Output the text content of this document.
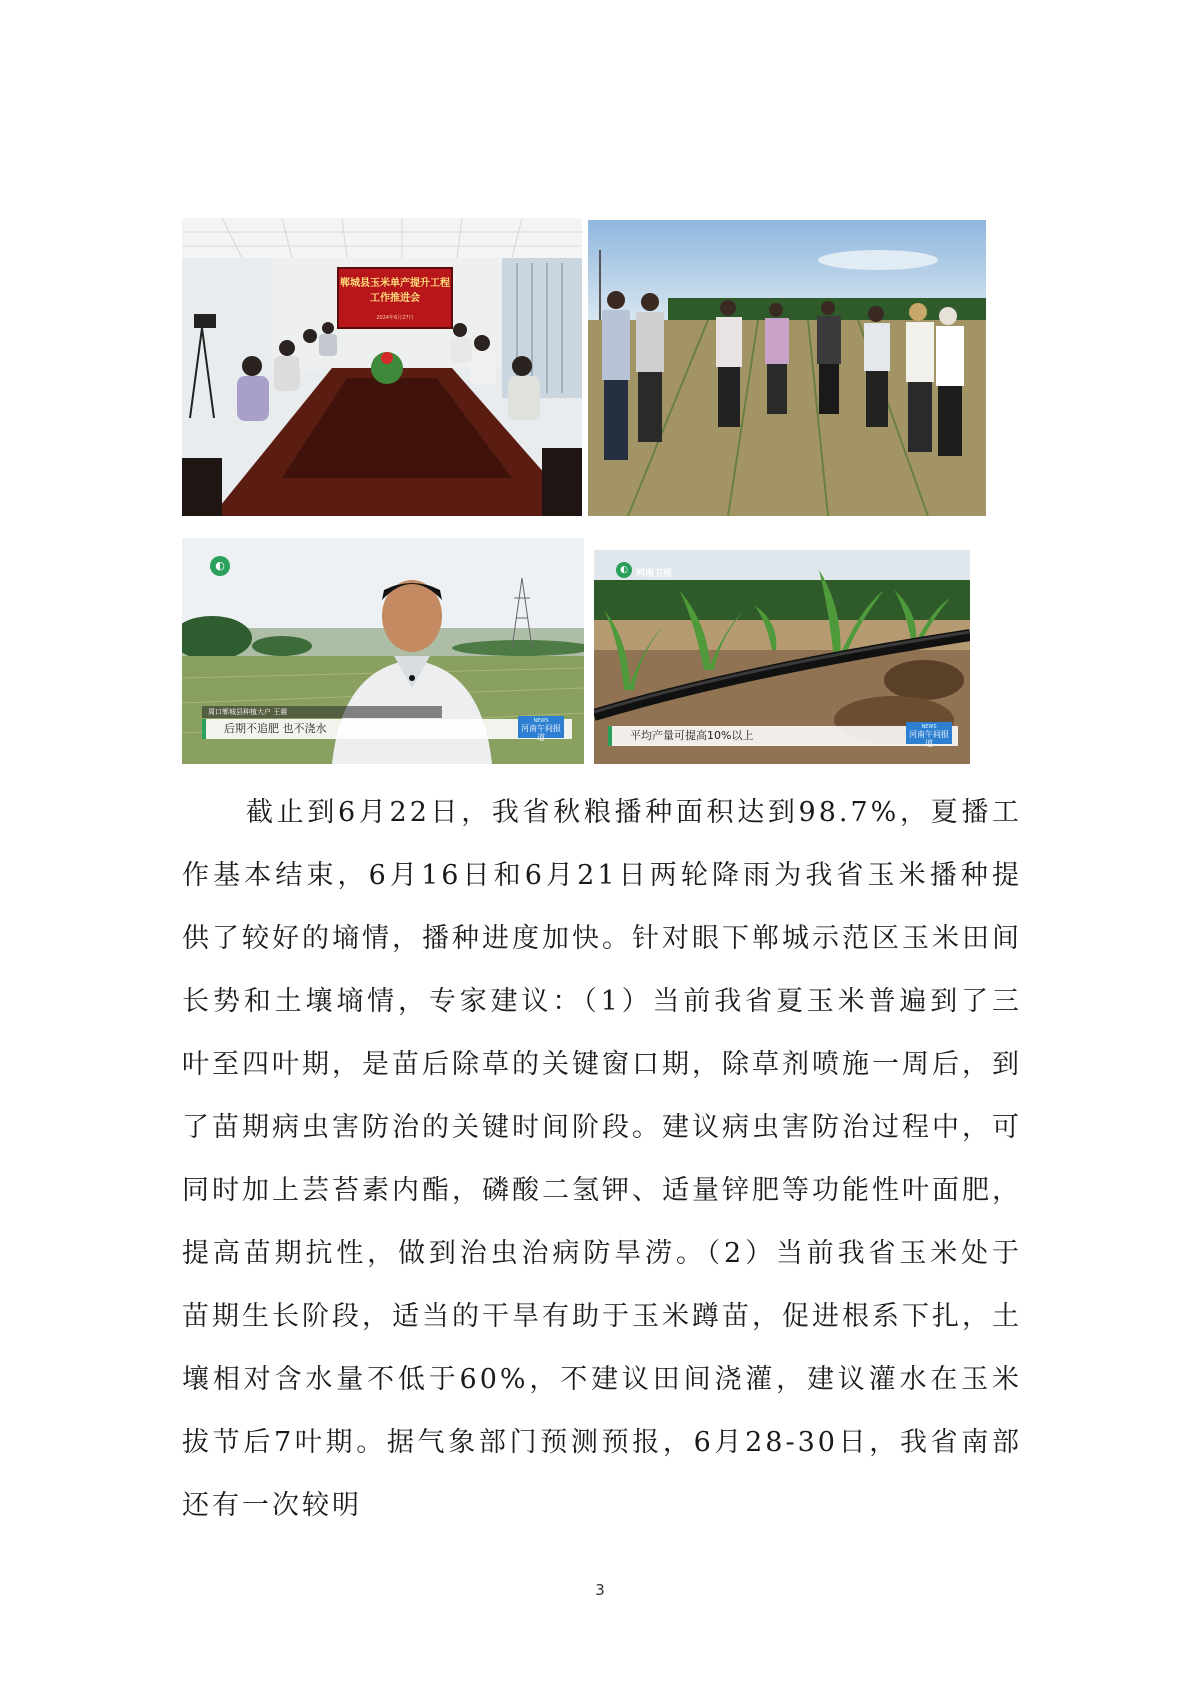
郸城县玉米单产提升工程工作推进会
2024年6月27日
◐
周口郸城县种植大户 王震
后期不追肥 也不浇水
NEWS
河南午间报道
◐ 河南卫视
平均产量可提高10%以上
NEWS
河南午间报道

截止到6月22日，我省秋粮播种面积达到98.7%，夏播工作基本结束，6月16日和6月21日两轮降雨为我省玉米播种提供了较好的墒情，播种进度加快。针对眼下郸城示范区玉米田间长势和土壤墒情，专家建议：（1）当前我省夏玉米普遍到了三叶至四叶期，是苗后除草的关键窗口期，除草剂喷施一周后，到了苗期病虫害防治的关键时间阶段。建议病虫害防治过程中，可同时加上芸苔素内酯，磷酸二氢钾、适量锌肥等功能性叶面肥，提高苗期抗性，做到治虫治病防旱涝。（2）当前我省玉米处于苗期生长阶段，适当的干旱有助于玉米蹲苗，促进根系下扎，土壤相对含水量不低于60%，不建议田间浇灌，建议灌水在玉米拔节后7叶期。据气象部门预测预报，6月28-30日，我省南部还有一次较明

3
